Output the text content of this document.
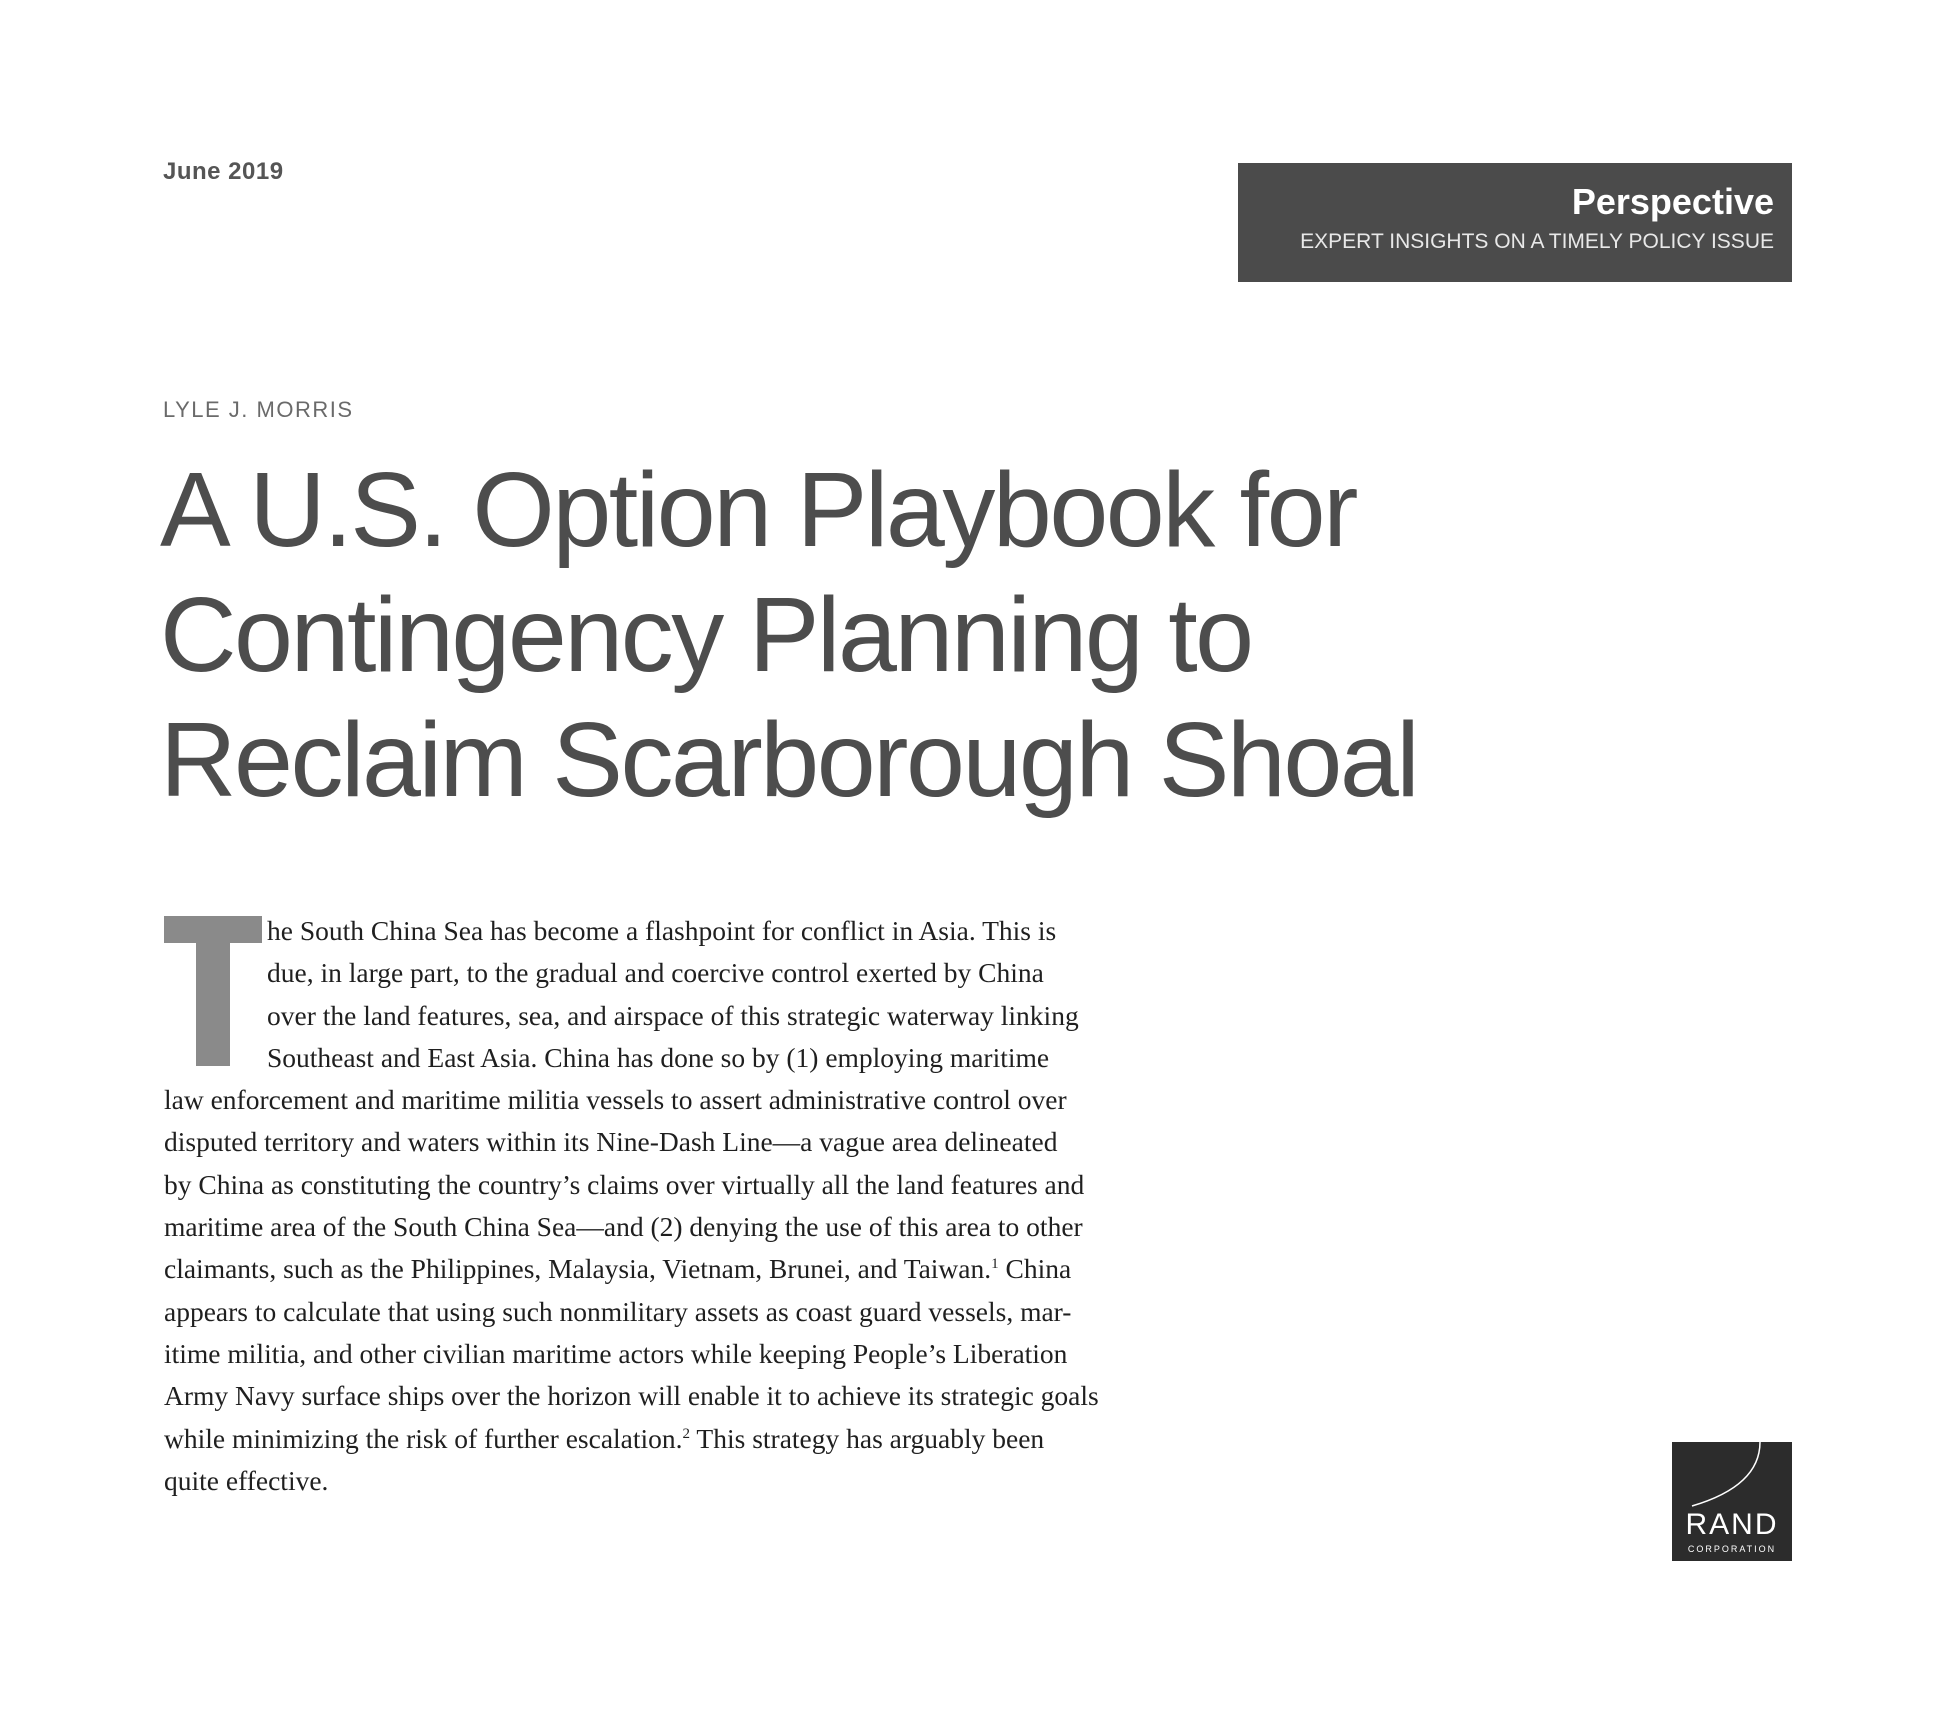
June 2019
Perspective
EXPERT INSIGHTS ON A TIMELY POLICY ISSUE
LYLE J. MORRIS
A U.S. Option Playbook for
Contingency Planning to
Reclaim Scarborough Shoal
T
he South China Sea has become a flashpoint for conflict in Asia. This is
due, in large part, to the gradual and coercive control exerted by China
over the land features, sea, and airspace of this strategic waterway linking
Southeast and East Asia. China has done so by (1) employing maritime
law enforcement and maritime militia vessels to assert administrative control over
disputed territory and waters within its Nine-Dash Line—a vague area delineated
by China as constituting the country’s claims over virtually all the land features and
maritime area of the South China Sea—and (2) denying the use of this area to other
claimants, such as the Philippines, Malaysia, Vietnam, Brunei, and Taiwan.$^1$ China
appears to calculate that using such nonmilitary assets as coast guard vessels, mar-
itime militia, and other civilian maritime actors while keeping People’s Liberation
Army Navy surface ships over the horizon will enable it to achieve its strategic goals
while minimizing the risk of further escalation.$^2$ This strategy has arguably been
quite effective.
RAND
CORPORATION
